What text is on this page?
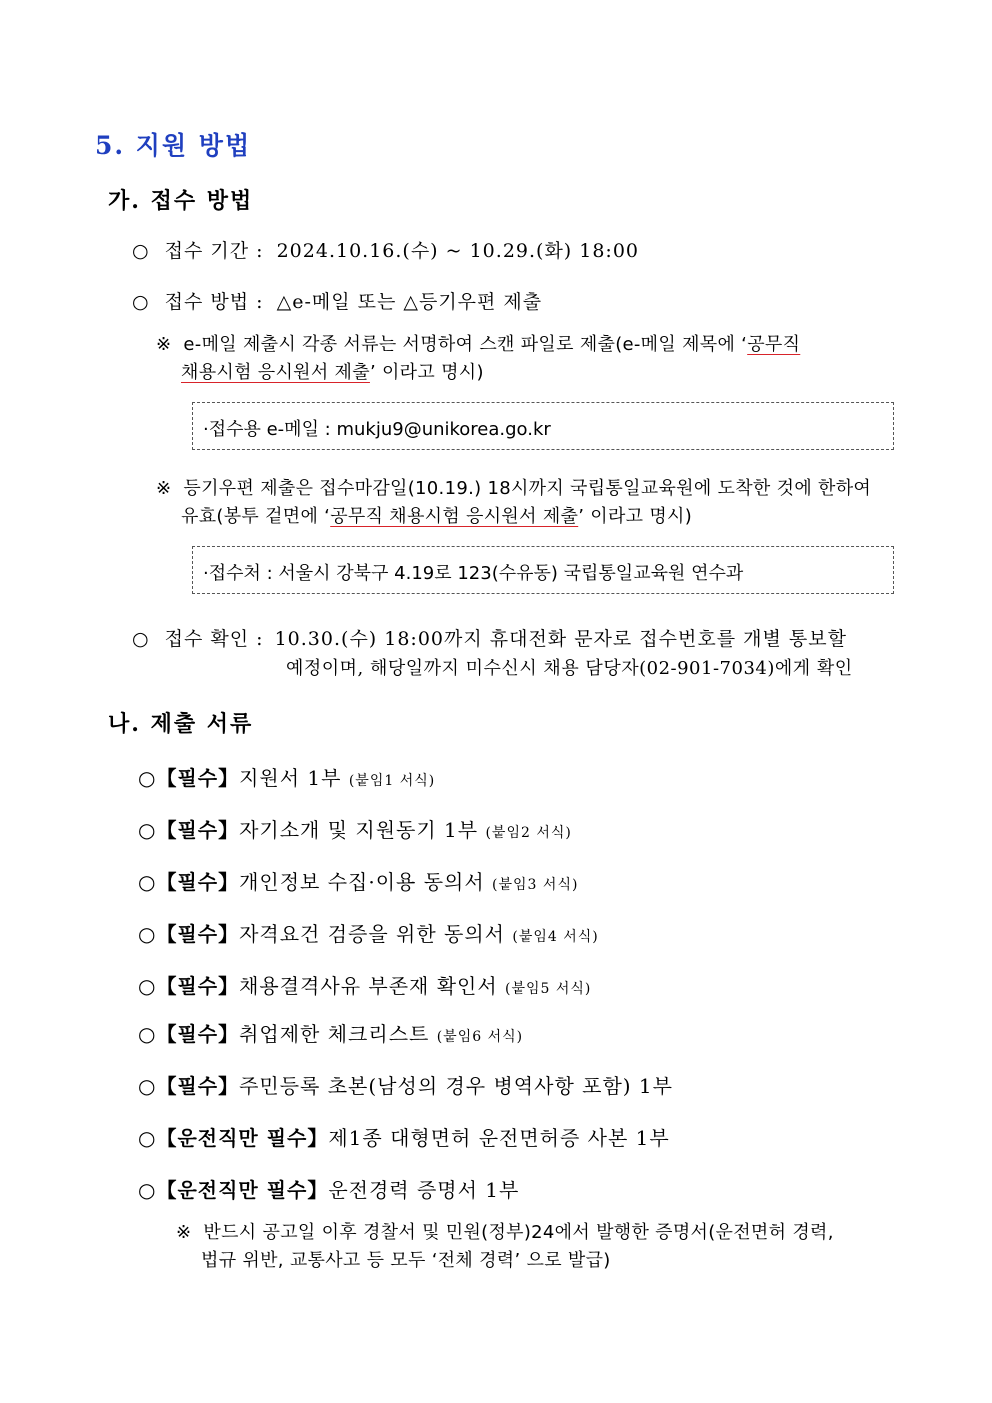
5. 지원 방법
가. 접수 방법
○ 접수 기간 : 2024.10.16.(수) ~ 10.29.(화) 18:00
○ 접수 방법 : △e-메일 또는 △등기우편 제출
※ e-메일 제출시 각종 서류는 서명하여 스캔 파일로 제출(e-메일 제목에 ‘공무직
채용시험 응시원서 제출’ 이라고 명시)
·접수용 e-메일 : mukju9@unikorea.go.kr
※ 등기우편 제출은 접수마감일(10.19.) 18시까지 국립통일교육원에 도착한 것에 한하여
유효(봉투 겉면에 ‘공무직 채용시험 응시원서 제출’ 이라고 명시)
·접수처 : 서울시 강북구 4.19로 123(수유동) 국립통일교육원 연수과
○ 접수 확인 : 10.30.(수) 18:00까지 휴대전화 문자로 접수번호를 개별 통보할
예정이며, 해당일까지 미수신시 채용 담당자(02-901-7034)에게 확인
나. 제출 서류
○【필수】지원서 1부 (붙임1 서식)
○【필수】자기소개 및 지원동기 1부 (붙임2 서식)
○【필수】개인정보 수집·이용 동의서 (붙임3 서식)
○【필수】자격요건 검증을 위한 동의서 (붙임4 서식)
○【필수】채용결격사유 부존재 확인서 (붙임5 서식)
○【필수】취업제한 체크리스트 (붙임6 서식)
○【필수】주민등록 초본(남성의 경우 병역사항 포함) 1부
○【운전직만 필수】제1종 대형면허 운전면허증 사본 1부
○【운전직만 필수】운전경력 증명서 1부
※ 반드시 공고일 이후 경찰서 및 민원(정부)24에서 발행한 증명서(운전면허 경력,
법규 위반, 교통사고 등 모두 ‘전체 경력’ 으로 발급)
